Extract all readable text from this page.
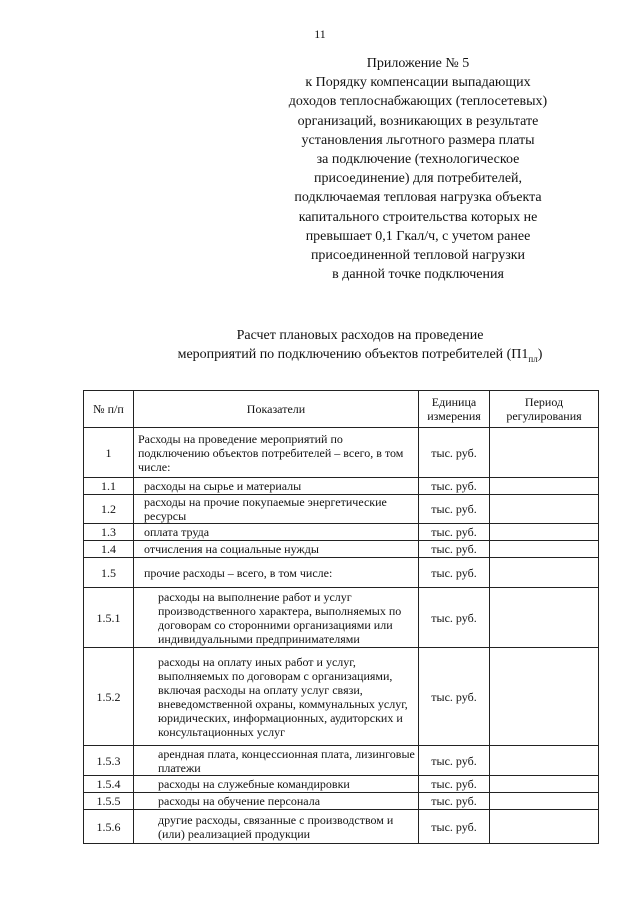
11
Приложение № 5
к Порядку компенсации выпадающих
доходов теплоснабжающих (теплосетевых)
организаций, возникающих в результате
установления льготного размера платы
за подключение (технологическое
присоединение) для потребителей,
подключаемая тепловая нагрузка объекта
капитального строительства которых не
превышает 0,1 Гкал/ч, с учетом ранее
присоединенной тепловой нагрузки
в данной точке подключения
Расчет плановых расходов на проведение
мероприятий по подключению объектов потребителей $(П1_{пл})$
№ п/п	Показатели	Единица измерения	Период регулирования
1	Расходы на проведение мероприятий по подключению объектов потребителей – всего, в том числе:	тыс. руб.	
1.1	расходы на сырье и материалы	тыс. руб.	
1.2	расходы на прочие покупаемые энергетические ресурсы	тыс. руб.	
1.3	оплата труда	тыс. руб.	
1.4	отчисления на социальные нужды	тыс. руб.	
1.5	прочие расходы – всего, в том числе:	тыс. руб.	
1.5.1	расходы на выполнение работ и услуг производственного характера, выполняемых по договорам со сторонними организациями или индивидуальными предпринимателями	тыс. руб.	
1.5.2	расходы на оплату иных работ и услуг, выполняемых по договорам с организациями, включая расходы на оплату услуг связи, вневедомственной охраны, коммунальных услуг, юридических, информационных, аудиторских и консультационных услуг	тыс. руб.	
1.5.3	арендная плата, концессионная плата, лизинговые платежи	тыс. руб.	
1.5.4	расходы на служебные командировки	тыс. руб.	
1.5.5	расходы на обучение персонала	тыс. руб.	
1.5.6	другие расходы, связанные с производством и (или) реализацией продукции	тыс. руб.	
